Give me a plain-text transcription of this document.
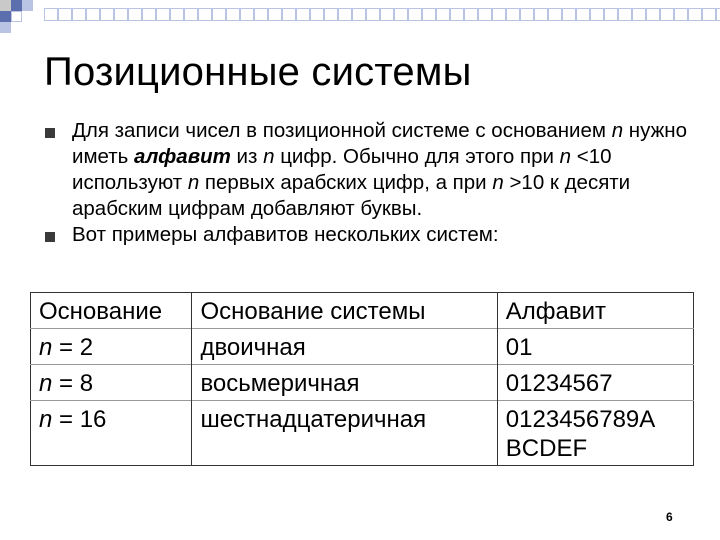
Позиционные системы
Для записи чисел в позиционной системе с основанием n нужно иметь алфавит из n цифр. Обычно для этого при n <10 используют n первых арабских цифр, а при n >10 к десяти арабским цифрам добавляют буквы.
Вот примеры алфавитов нескольких систем:
Основание	Основание системы	Алфавит
n = 2	двоичная	01
n = 8	восьмеричная	01234567
n = 16	шестнадцатеричная	0123456789A BCDEF
6
